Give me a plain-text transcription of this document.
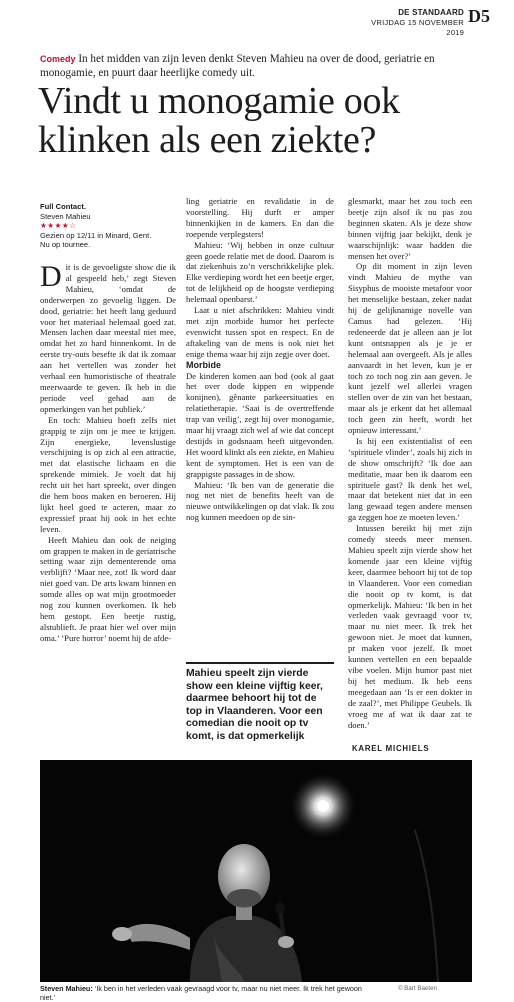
DE STANDAARD
VRIJDAG 15 NOVEMBER 2019
D5
Comedy In het midden van zijn leven denkt Steven Mahieu na over de dood, geriatrie en monogamie, en puurt daar heerlijke comedy uit.
Vindt u monogamie ook klinken als een ziekte?
Full Contact.
Steven Mahieu
★★★★☆
Gezien op 12/11 in Minard, Gent.
Nu op tournee.

Dit is de gevoeligste show die ik al gespeeld heb,’ zegt Steven Mahieu, ‘omdat de onderwerpen zo gevoelig liggen. De dood, geriatrie: het heeft lang geduurd voor het materiaal helemaal goed zat. Mensen lachen daar meestal niet mee, omdat het zo hard binnenkomt. In de eerste try-outs besefte ik dat ik zomaar aan het vertellen was zonder het verhaal een humoristische of theatrale meerwaarde te geven. Ik heb in die periode veel gehad aan de opmerkingen van het publiek.’

En toch: Mahieu hoeft zelfs niet grappig te zijn om je mee te krijgen. Zijn energieke, levenslustige verschijning is op zich al een attractie, met dat elastische lichaam en die sprekende mimiek. Je voelt dat hij recht uit het hart spreekt, over dingen die hem boos maken en beroeren. Hij lijkt heel goed te acteren, maar zo expressief praat hij ook in het echte leven.

Heeft Mahieu dan ook de neiging om grappen te maken in de geriatrische setting waar zijn dementerende oma verblijft? ‘Maar nee, zot! Ik word daar niet goed van. De arts kwam binnen en somde alles op wat mijn grootmoeder nog zou kunnen overkomen. Ik heb hem gestopt. Een beetje rustig, alstublieft. Je praat hier wel over mijn oma.’ ‘Pure horror’ noemt hij de afde-

ling geriatrie en revalidatie in de voorstelling. Hij durft er amper binnenkijken in de kamers. En dan die roepende verplegsters!

Mahieu: ‘Wij hebben in onze cultuur geen goede relatie met de dood. Daarom is dat ziekenhuis zo’n verschrikkelijke plek. Elke verdieping wordt het een beetje erger, tot de lelijkheid op de hoogste verdieping helemaal openbarst.’

Laat u niet afschrikken: Mahieu vindt met zijn morbide humor het perfecte evenwicht tussen spot en respect. En de aftakeling van de mens is ook niet het enige thema waar hij zijn zegje over doet.

Morbide

De kinderen komen aan bod (ook al gaat het over dode kippen en wippende konijnen), gênante parkeersituaties en relatietherapie. ‘Saai is de overtreffende trap van veilig’, zegt hij over monogamie, maar hij vraagt zich wel af wie dat concept destijds in godsnaam heeft uitgevonden. Het woord klinkt als een ziekte, en Mahieu kent de symptomen. Het is een van de grappigste passages in de show.

Mahieu: ‘Ik ben van de generatie die nog net niet de benefits heeft van de nieuwe ontwikkelingen op dat vlak. Ik zou nog kunnen meedoen op de sin-

Mahieu speelt zijn vierde show een kleine vijftig keer, daarmee behoort hij tot de top in Vlaanderen. Voor een comedian die nooit op tv komt, is dat opmerkelijk

glesmarkt, maar het zou toch een beetje zijn alsof ik nu pas zou beginnen skaten. Als je deze show binnen vijftig jaar bekijkt, denk je waarschijnlijk: waar hadden die mensen het over?’

Op dit moment in zijn leven vindt Mahieu de mythe van Sisyphus de mooiste metafoor voor het menselijke bestaan, zeker nadat hij de gelijknamige novelle van Camus had gelezen. ‘Hij redeneerde dat je alleen aan je lot kunt ontsnappen als je je er helemaal aan overgeeft. Als je alles aanvaardt in het leven, kun je er toch zo toch nog zin aan geven. Je kunt jezelf wel allerlei vragen stellen over de zin van het bestaan, maar als je erkent dat het allemaal toch geen zin heeft, wordt het opnieuw interessant.’

Is hij een existentialist of een ‘spirituele vlinder’, zoals hij zich in de show omschrijft? ‘Ik doe aan meditatie, maar ben ik daarom een spirituele gast? Ik denk het wel, maar dat betekent niet dat in een lang gewaad tegen andere mensen ga zeggen hoe ze moeten leven.’

Intussen bereikt hij met zijn comedy steeds meer mensen. Mahieu speelt zijn vierde show het komende jaar een kleine vijftig keer, daarmee behoort hij tot de top in Vlaanderen. Voor een comedian die nooit op tv komt, is dat opmerkelijk. Mahieu: ‘Ik ben in het verleden vaak gevraagd voor tv, maar nu niet meer. Ik trek het gewoon niet. Je moet dat kunnen, pr maken voor jezelf. Ik moet kunnen vertellen en een bepaalde vibe voelen. Mijn humor past niet bij het medium. Ik heb eens meegedaan aan ‘Is er een dokter in de zaal?’, met Philippe Geubels. Ik vroeg me af wat ik daar zat te doen.’

KAREL MICHIELS
Steven Mahieu: ‘Ik ben in het verleden vaak gevraagd voor tv, maar nu niet meer. Ik trek het gewoon niet.’
© Bart Baeten
